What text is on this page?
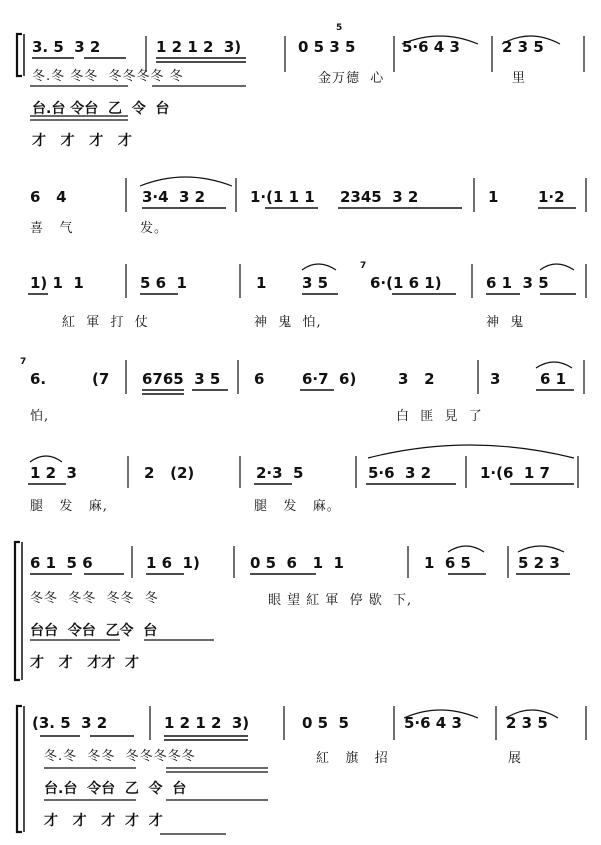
3. 5  3 2	1 2 1 2  3)	0 5 3 5	5·6 4 3	2 3 5
5
冬.冬 冬冬  冬冬冬冬 冬	金万德  心	里
台.台 令台  乙  令  台
才   才   才   才
6   4	3·4  3 2	1·(1 1 1 2345  3 2	1	1·2
喜   气	发。
1) 1  1	5 6  1	1 3 5	6·(1 6 1)	6 1  3 5
7
紅  軍  打  仗	神  鬼  怕,	神  鬼
6.	(7 6765  3 5 6	6·7  6)	3   2	3	6 1
7
怕,	白  匪  見  了
1 2  3	2   (2)	2·3  5	5·6  3 2	1·(6  1 7
腿   发   麻,	腿   发   麻。
6 1  5 6	1 6  1)	0 5  6   1  1	1  6 5	5 2 3
冬冬  冬冬  冬冬  冬	眼 望 紅 軍  停 歇  下,
台台  令台  乙令  台
才   才   才才  才
(3. 5  3 2	1 2 1 2  3)	0 5  5	5·6 4 3	2 3 5
冬.冬  冬冬  冬冬冬冬冬	紅   旗   招	展
台.台  令台  乙  令  台
才   才   才  才  才
